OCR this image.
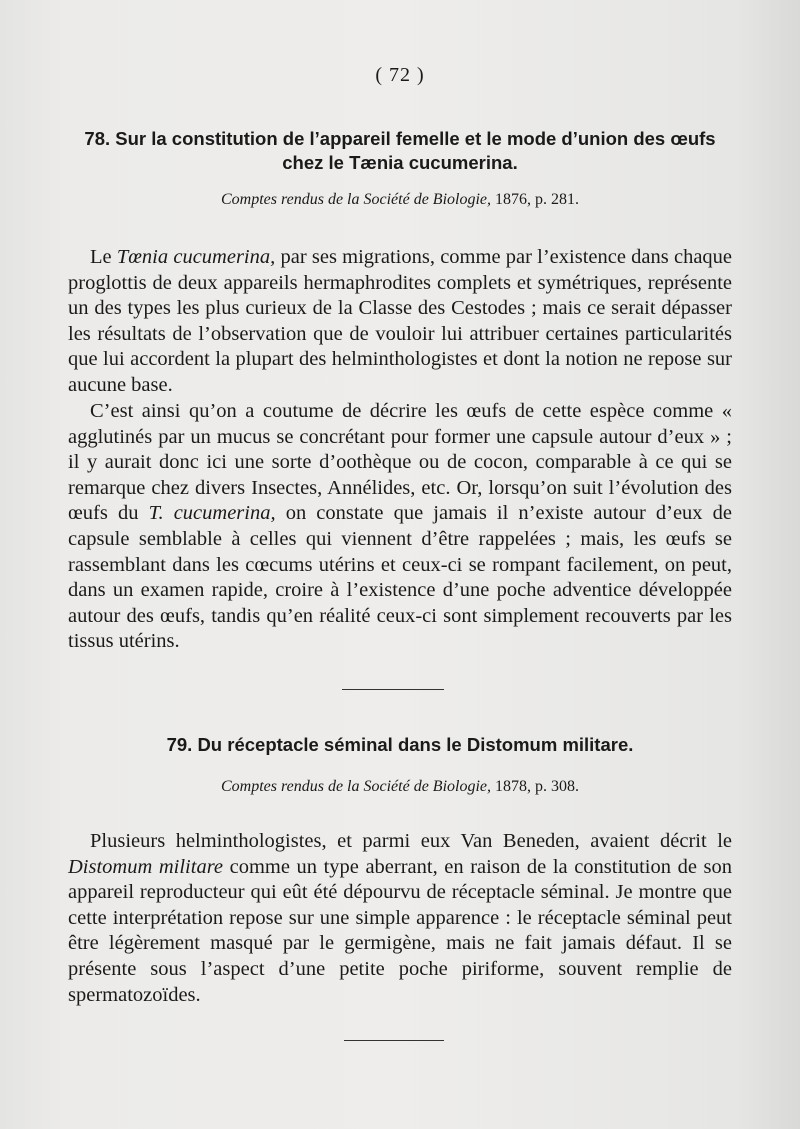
( 72 )
78. Sur la constitution de l’appareil femelle et le mode d’union des œufs
chez le Tænia cucumerina.
Comptes rendus de la Société de Biologie, 1876, p. 281.
Le Tœnia cucumerina, par ses migrations, comme par l’existence dans chaque proglottis de deux appareils hermaphrodites complets et symétriques, représente un des types les plus curieux de la Classe des Cestodes ; mais ce serait dépasser les résultats de l’observation que de vouloir lui attribuer certaines particularités que lui accordent la plupart des helminthologistes et dont la notion ne repose sur aucune base.
C’est ainsi qu’on a coutume de décrire les œufs de cette espèce comme « agglutinés par un mucus se concrétant pour former une capsule autour d’eux » ; il y aurait donc ici une sorte d’oothèque ou de cocon, comparable à ce qui se remarque chez divers Insectes, Annélides, etc. Or, lorsqu’on suit l’évolution des œufs du T. cucumerina, on constate que jamais il n’existe autour d’eux de capsule semblable à celles qui viennent d’être rappelées ; mais, les œufs se rassemblant dans les cœcums utérins et ceux-ci se rompant facilement, on peut, dans un examen rapide, croire à l’existence d’une poche adventice développée autour des œufs, tandis qu’en réalité ceux-ci sont simplement recouverts par les tissus utérins.
79. Du réceptacle séminal dans le Distomum militare.
Comptes rendus de la Société de Biologie, 1878, p. 308.
Plusieurs helminthologistes, et parmi eux Van Beneden, avaient décrit le Distomum militare comme un type aberrant, en raison de la constitution de son appareil reproducteur qui eût été dépourvu de réceptacle séminal. Je montre que cette interprétation repose sur une simple apparence : le réceptacle séminal peut être légèrement masqué par le germigène, mais ne fait jamais défaut. Il se présente sous l’aspect d’une petite poche piriforme, souvent remplie de spermatozoïdes.
